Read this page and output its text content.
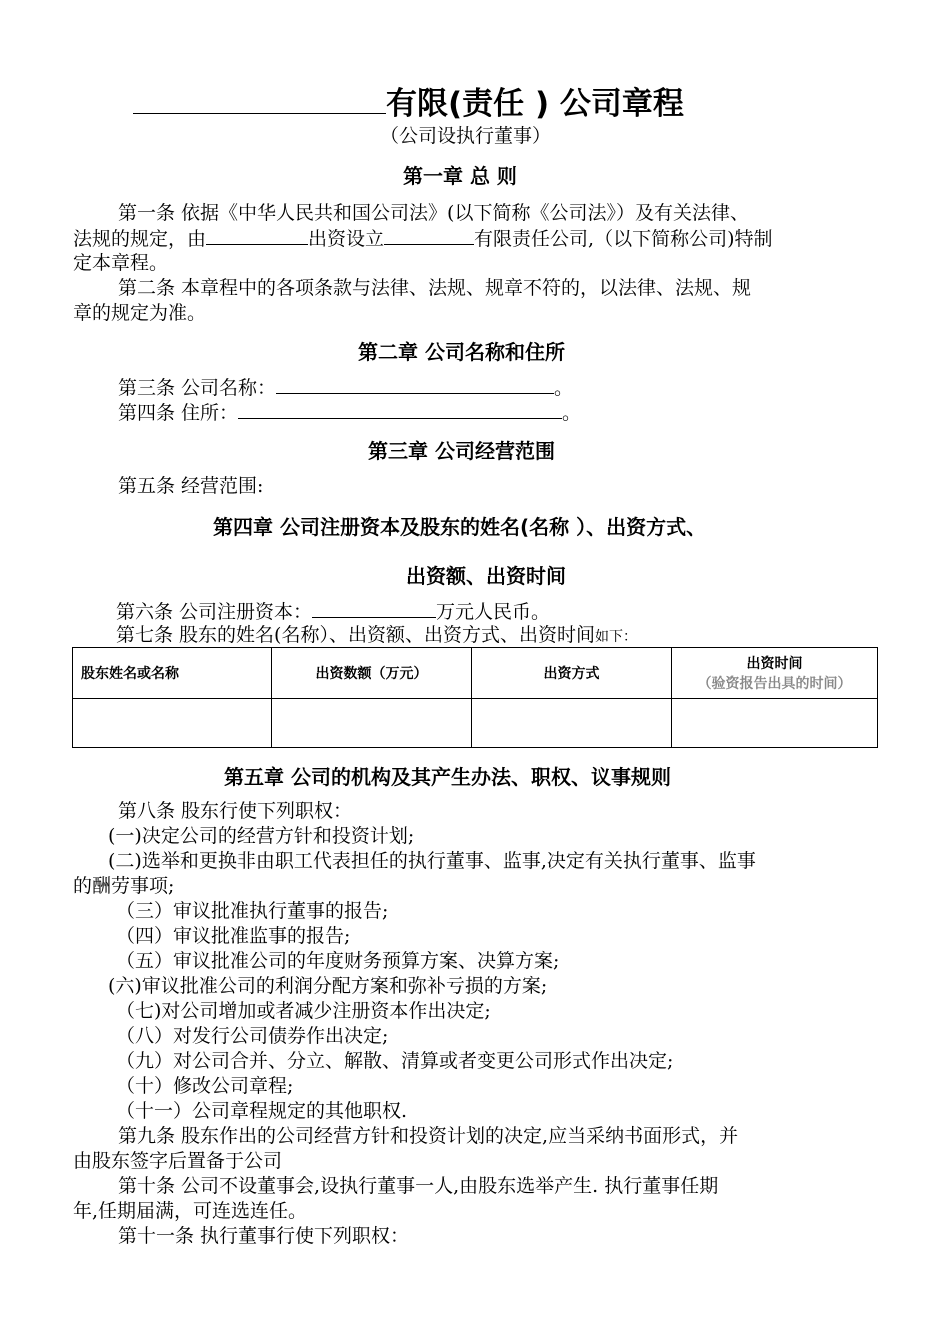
有限(责任 ) 公司章程
（公司设执行董事）
第一章 总 则
第一条 依据《中华人民共和国公司法》(以下简称《公司法》）及有关法律、
法规的规定，由	出资设立	有限责任公司,（以下简称公司)特制
定本章程。
第二条 本章程中的各项条款与法律、法规、规章不符的，以法律、法规、规
章的规定为准。
第二章 公司名称和住所
第三条 公司名称：	。
第四条 住所：	。
第三章 公司经营范围
第五条 经营范围:
第四章 公司注册资本及股东的姓名(名称 ）、出资方式、
出资额、出资时间
第六条 公司注册资本：	万元人民币。
第七条 股东的姓名(名称）、出资额、出资方式、出资时间如下：
股东姓名或名称	出资数额（万元）	出资方式	出资时间
（验资报告出具的时间）

第五章 公司的机构及其产生办法、职权、议事规则
第八条 股东行使下列职权：
(一)决定公司的经营方针和投资计划;
(二)选举和更换非由职工代表担任的执行董事、监事,决定有关执行董事、监事
的酬劳事项;
（三）审议批准执行董事的报告;
（四）审议批准监事的报告;
（五）审议批准公司的年度财务预算方案、决算方案;
(六)审议批准公司的利润分配方案和弥补亏损的方案;
（七)对公司增加或者减少注册资本作出决定;
（八）对发行公司债券作出决定;
（九）对公司合并、分立、解散、清算或者变更公司形式作出决定;
（十）修改公司章程;
（十一）公司章程规定的其他职权.
第九条 股东作出的公司经营方针和投资计划的决定,应当采纳书面形式，并
由股东签字后置备于公司
第十条 公司不设董事会,设执行董事一人,由股东选举产生. 执行董事任期
年,任期届满，可连选连任。
第十一条 执行董事行使下列职权：
